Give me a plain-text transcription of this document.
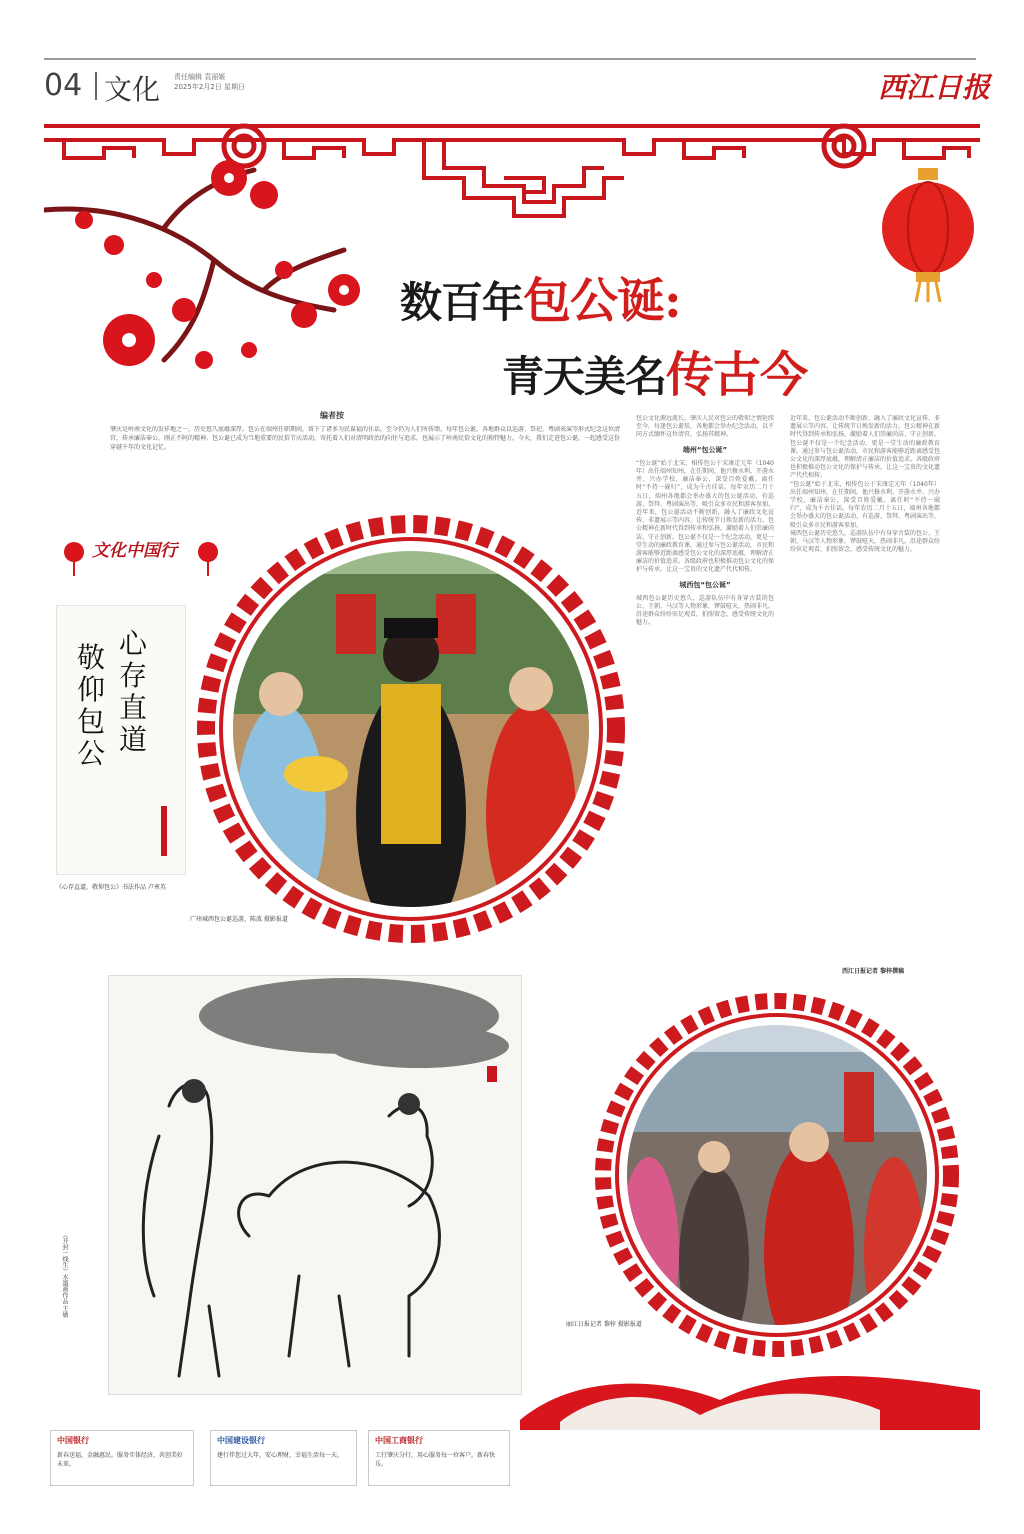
04 文化 责任编辑 袁丽姬
2025年2月2日 星期日	西江日报
数百年包公诞:
青天美名传古今
编者按
肇庆是岭南文化的发祥地之一，历史悠久底蕴深厚。包公在端州任职期间，留下了诸多为民谋福的佳话，至今仍为人们所传颂。每年包公诞，各地群众以巡游、祭祀、粤剧表演等形式纪念这位清官，传承廉洁奉公、刚正不阿的精神。包公诞已成为当地重要的民俗节庆活动，寄托着人们对清明政治的向往与追求，也展示了岭南民俗文化的独特魅力。今天，我们走进包公诞，一起感受这份穿越千年的文化记忆。
文化中国行
心
存
直
道
敬
仰
包
公
《心存直道，敬仰包公》书法作品 卢寒英
广州城西包公诞巡游，陈波 摄影报道
包公文化源远流长，肇庆人民对包公的敬仰之情延续至今。每逢包公诞辰，各地都会举办纪念活动，以不同方式缅怀这位清官，弘扬其精神。
端州“包公诞”
“包公诞”始于北宋，相传包公于宋康定元年（1040年）出任端州知州，在任期间，他兴修水利、开凿水井、兴办学校，廉洁奉公，深受百姓爱戴。离任时“不持一砚归”，成为千古佳话。每年农历二月十五日，端州各地都会举办盛大的包公诞活动，有巡游、祭拜、粤剧演出等，吸引众多市民和游客参加。
近年来，包公诞活动不断创新，融入了廉政文化宣传、非遗展示等内容，让传统节日焕发新的活力。包公精神在新时代得到传承和弘扬，激励着人们崇廉尚洁、守正创新。包公诞不仅是一个纪念活动，更是一堂生动的廉政教育课。通过参与包公诞活动，市民和游客能够近距离感受包公文化的深厚底蕴，理解清正廉洁的价值追求。各级政府也积极推动包公文化的保护与传承，让这一宝贵的文化遗产代代相传。
城西包“包公诞”
城西包公诞历史悠久，巡游队伍中有身穿古装的包公、王朝、马汉等人物形象，锣鼓喧天，热闹非凡。沿途群众纷纷驻足观看，拍照留念，感受传统文化的魅力。
近年来，包公诞活动不断创新，融入了廉政文化宣传、非遗展示等内容，让传统节日焕发新的活力。包公精神在新时代得到传承和弘扬，激励着人们崇廉尚洁、守正创新。包公诞不仅是一个纪念活动，更是一堂生动的廉政教育课。通过参与包公诞活动，市民和游客能够近距离感受包公文化的深厚底蕴，理解清正廉洁的价值追求。各级政府也积极推动包公文化的保护与传承，让这一宝贵的文化遗产代代相传。
“包公诞”始于北宋，相传包公于宋康定元年（1040年）出任端州知州，在任期间，他兴修水利、开凿水井、兴办学校，廉洁奉公，深受百姓爱戴。离任时“不持一砚归”，成为千古佳话。每年农历二月十五日，端州各地都会举办盛大的包公诞活动，有巡游、祭拜、粤剧演出等，吸引众多市民和游客参加。
城西包公诞历史悠久，巡游队伍中有身穿古装的包公、王朝、马汉等人物形象，锣鼓喧天，热闹非凡。沿途群众纷纷驻足观看，拍照留念，感受传统文化的魅力。
西江日报记者 黎梓撰稿
《开封一线生》水墨画作品 王敏
丽江日报记者 黎梓 摄影报道
中国银行
新春送福，金融惠民。服务实体经济，共创美好未来。
中国建设银行
建行伴您过大年，安心理财，幸福生活每一天。
中国工商银行
工行肇庆分行，用心服务每一位客户，新春快乐。
